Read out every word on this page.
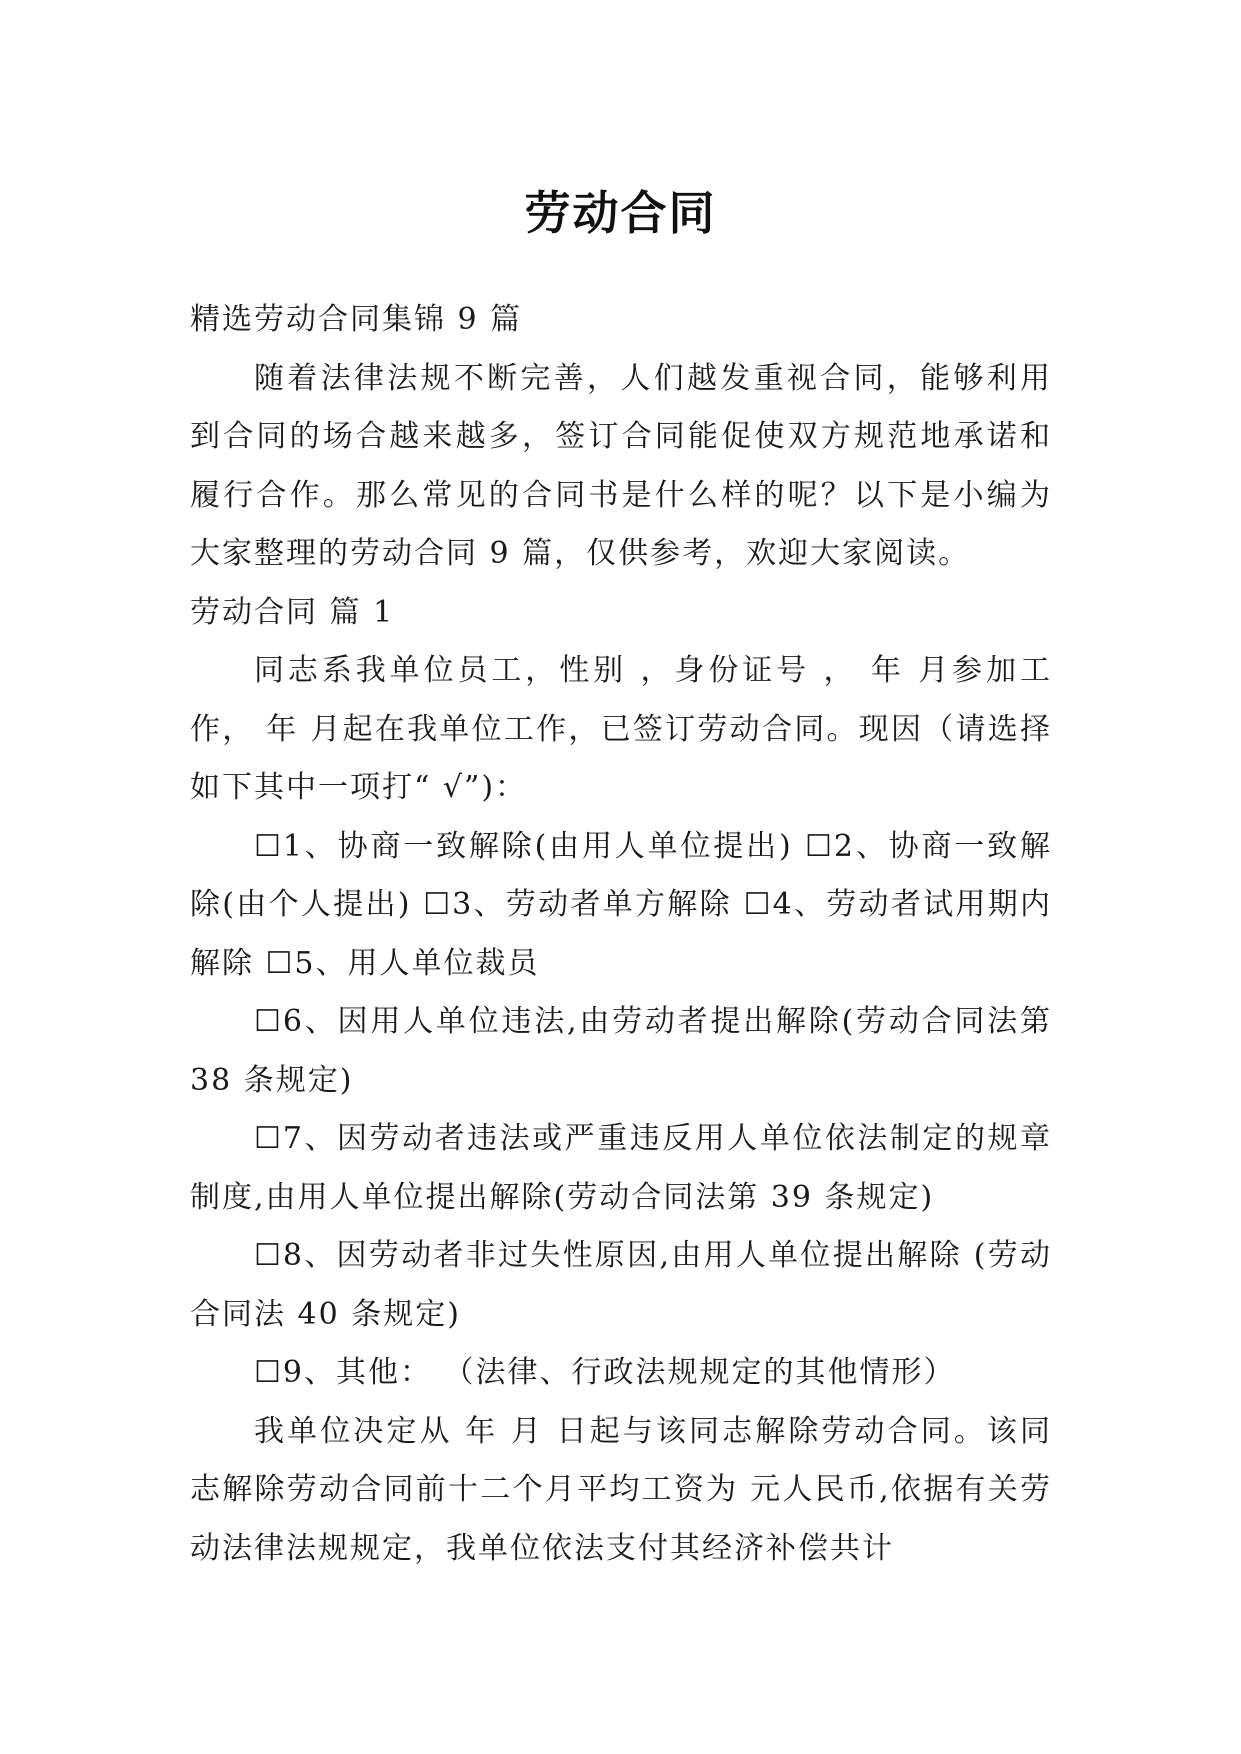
劳动合同

精选劳动合同集锦 9 篇

随着法律法规不断完善，人们越发重视合同，能够利用到合同的场合越来越多，签订合同能促使双方规范地承诺和履行合作。那么常见的合同书是什么样的呢？以下是小编为大家整理的劳动合同 9 篇，仅供参考，欢迎大家阅读。

劳动合同 篇 1

同志系我单位员工，性别 ，身份证号 ， 年 月参加工作， 年 月起在我单位工作，已签订劳动合同。现因（请选择如下其中一项打“ √”)：

☐1、协商一致解除(由用人单位提出) ☐2、协商一致解除(由个人提出) ☐3、劳动者单方解除 ☐4、劳动者试用期内解除 ☐5、用人单位裁员

☐6、因用人单位违法,由劳动者提出解除(劳动合同法第 38 条规定)

☐7、因劳动者违法或严重违反用人单位依法制定的规章制度,由用人单位提出解除(劳动合同法第 39 条规定)

☐8、因劳动者非过失性原因,由用人单位提出解除 (劳动合同法 40 条规定)

☐9、其他： （法律、行政法规规定的其他情形）

我单位决定从 年 月 日起与该同志解除劳动合同。该同志解除劳动合同前十二个月平均工资为 元人民币,依据有关劳动法律法规规定，我单位依法支付其经济补偿共计
